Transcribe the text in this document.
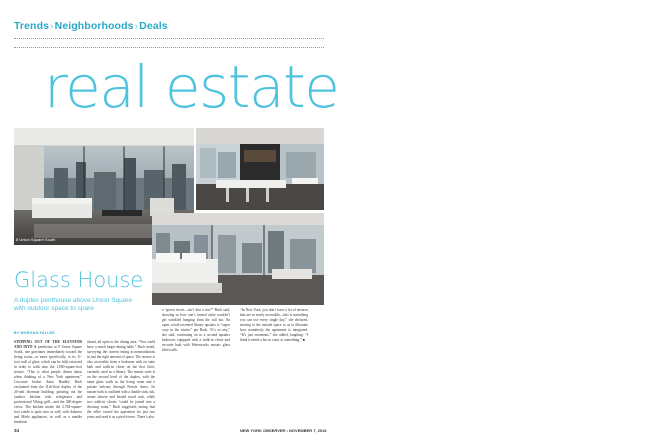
Trends›Neighborhoods›Deals
real estate
8 Union Square South
Glass House
A duplex penthouse above Union Square with outdoor space to spare
BY MORGAN FALLEK

STEPPING OUT OF THE ELEVATOR AND INTO A penthouse at 8 Union Square South, one gravitates immediately toward the living room—or more specifically, to its 11-foot wall of glass, which can be fully retracted in order to walk onto the 1,000-square-foot terrace. “This is what people dream about when thinking of a New York apartment,” Corcoran broker Anita Bradley Bach exclaimed from the 11th-floor duplex of the 20-unit doorman building, pointing out the outdoor kitchen with refrigerator and professional Viking grill—and the 360-degree views. The kitchen inside the 2,784-square-foot condo is quite nice as well, with Subzero and Miele appliances, as well as a marble breakfast

island, all open to the dining area. “You could have a much larger dining table,” Bach noted, surveying the current eating accommodations in just the right amount of space. The terrace is also accessible from a bedroom with en suite bath and walk-in closet on the first floor, currently used as a library. The master suite is on the second level of the duplex, with the same glass walls as the living room and a private balcony through French doors. Its master bath is outfitted with a double sink, tub, steam shower and heated towel rack, while two walk-in closets “could be joined into a dressing room,” Bach suggested, noting that the seller owned the apartment for just two years and used it as a pied-à-terre. There’s also

a “green closet—isn’t that a riot?” Bach said, showing us how one’s formal attire wouldn’t get wrinkled hanging from the rail bar. An open, wood-accented library upstairs is “super cozy in the winter,” per Bach. “It’s so airy,” she said, continuing on to a second upstairs bedroom, equipped with a walk-in closet and en-suite bath with Waterworks mosaic glass tiled walls.

“In New York, you don’t have a lot of terraces that are so easily accessible—this is something you can use every single day,” she declared, moving to the outside space so as to illustrate how seamlessly the apartment is integrated. “It’s just enormous,” she added, laughing. “I think it needs a bocce court or something.” ■

34	NEW YORK OBSERVER • NOVEMBER 7, 2016
